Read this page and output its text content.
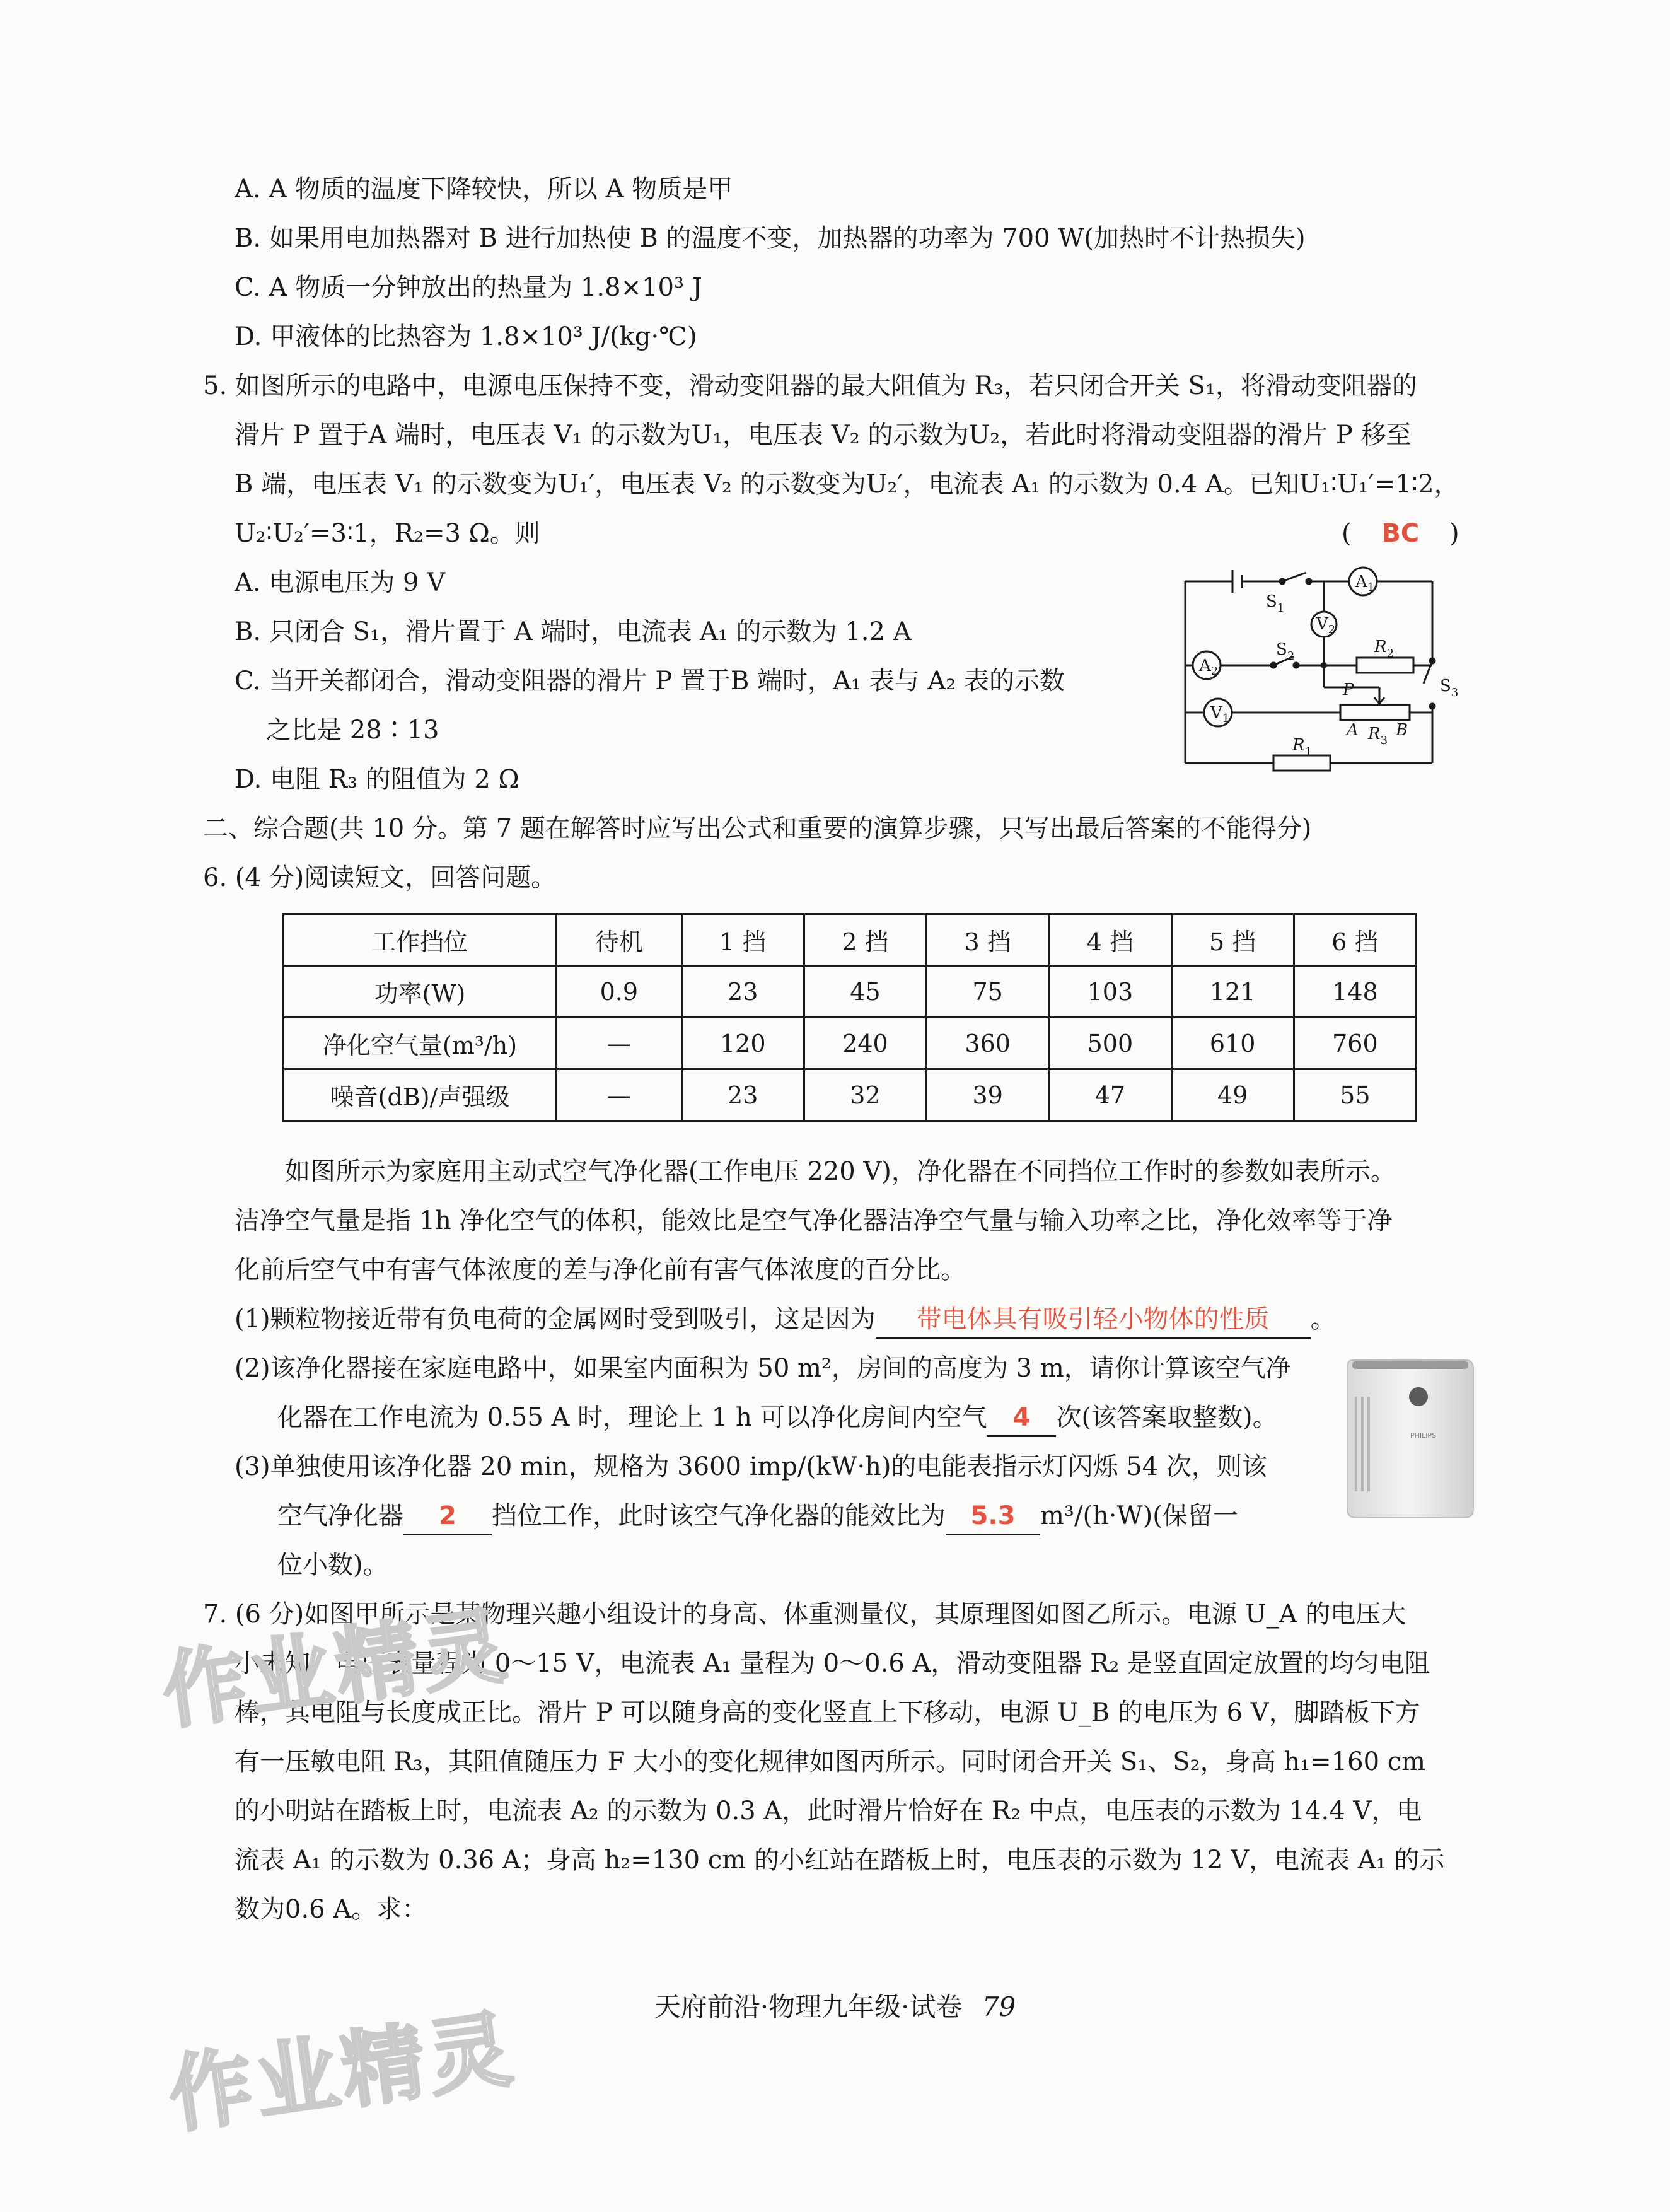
A. A 物质的温度下降较快，所以 A 物质是甲
B. 如果用电加热器对 B 进行加热使 B 的温度不变，加热器的功率为 700 W(加热时不计热损失)
C. A 物质一分钟放出的热量为 1.8×10³ J
D. 甲液体的比热容为 1.8×10³ J/(kg·℃)
5. 如图所示的电路中，电源电压保持不变，滑动变阻器的最大阻值为 R₃，若只闭合开关 S₁，将滑动变阻器的
滑片 P 置于A 端时，电压表 V₁ 的示数为U₁，电压表 V₂ 的示数为U₂，若此时将滑动变阻器的滑片 P 移至
B 端，电压表 V₁ 的示数变为U₁′，电压表 V₂ 的示数变为U₂′，电流表 A₁ 的示数为 0.4 A。已知U₁∶U₁′=1∶2，
U₂∶U₂′=3∶1，R₂=3 Ω。则	( BC )
A. 电源电压为 9 V
B. 只闭合 S₁，滑片置于 A 端时，电流表 A₁ 的示数为 1.2 A
C. 当开关都闭合，滑动变阻器的滑片 P 置于B 端时，A₁ 表与 A₂ 表的示数
之比是 28∶13
D. 电阻 R₃ 的阻值为 2 Ω
$S_1$
$S_2$
$S_3$
$A_1$
$A_2$
$V_1$
$V_2$
$R_1$
$R_2$
$R_3$
P
A B
二、综合题(共 10 分。第 7 题在解答时应写出公式和重要的演算步骤，只写出最后答案的不能得分)
6. (4 分)阅读短文，回答问题。
工作挡位	待机	1 挡	2 挡	3 挡	4 挡	5 挡	6 挡
功率(W)	0.9	23	45	75	103	121	148
净化空气量(m³/h)	—	120	240	360	500	610	760
噪音(dB)/声强级	—	23	32	39	47	49	55
如图所示为家庭用主动式空气净化器(工作电压 220 V)，净化器在不同挡位工作时的参数如表所示。
洁净空气量是指 1h 净化空气的体积，能效比是空气净化器洁净空气量与输入功率之比，净化效率等于净
化前后空气中有害气体浓度的差与净化前有害气体浓度的百分比。
(1)颗粒物接近带有负电荷的金属网时受到吸引，这是因为 带电体具有吸引轻小物体的性质 。
(2)该净化器接在家庭电路中，如果室内面积为 50 m²，房间的高度为 3 m，请你计算该空气净
化器在工作电流为 0.55 A 时，理论上 1 h 可以净化房间内空气 4 次(该答案取整数)。
(3)单独使用该净化器 20 min，规格为 3600 imp/(kW·h)的电能表指示灯闪烁 54 次，则该
空气净化器 2 挡位工作，此时该空气净化器的能效比为 5.3 m³/(h·W)(保留一
位小数)。
PHILIPS
7. (6 分)如图甲所示是某物理兴趣小组设计的身高、体重测量仪，其原理图如图乙所示。电源 U_A 的电压大
小未知，电压表量程为 0～15 V，电流表 A₁ 量程为 0～0.6 A，滑动变阻器 R₂ 是竖直固定放置的均匀电阻
棒，其电阻与长度成正比。滑片 P 可以随身高的变化竖直上下移动，电源 U_B 的电压为 6 V，脚踏板下方
有一压敏电阻 R₃，其阻值随压力 F 大小的变化规律如图丙所示。同时闭合开关 S₁、S₂，身高 h₁=160 cm
的小明站在踏板上时，电流表 A₂ 的示数为 0.3 A，此时滑片恰好在 R₂ 中点，电压表的示数为 14.4 V，电
流表 A₁ 的示数为 0.36 A；身高 h₂=130 cm 的小红站在踏板上时，电压表的示数为 12 V，电流表 A₁ 的示
数为0.6 A。求：
作业精灵
作业精灵	天府前沿·物理九年级·试卷 79
